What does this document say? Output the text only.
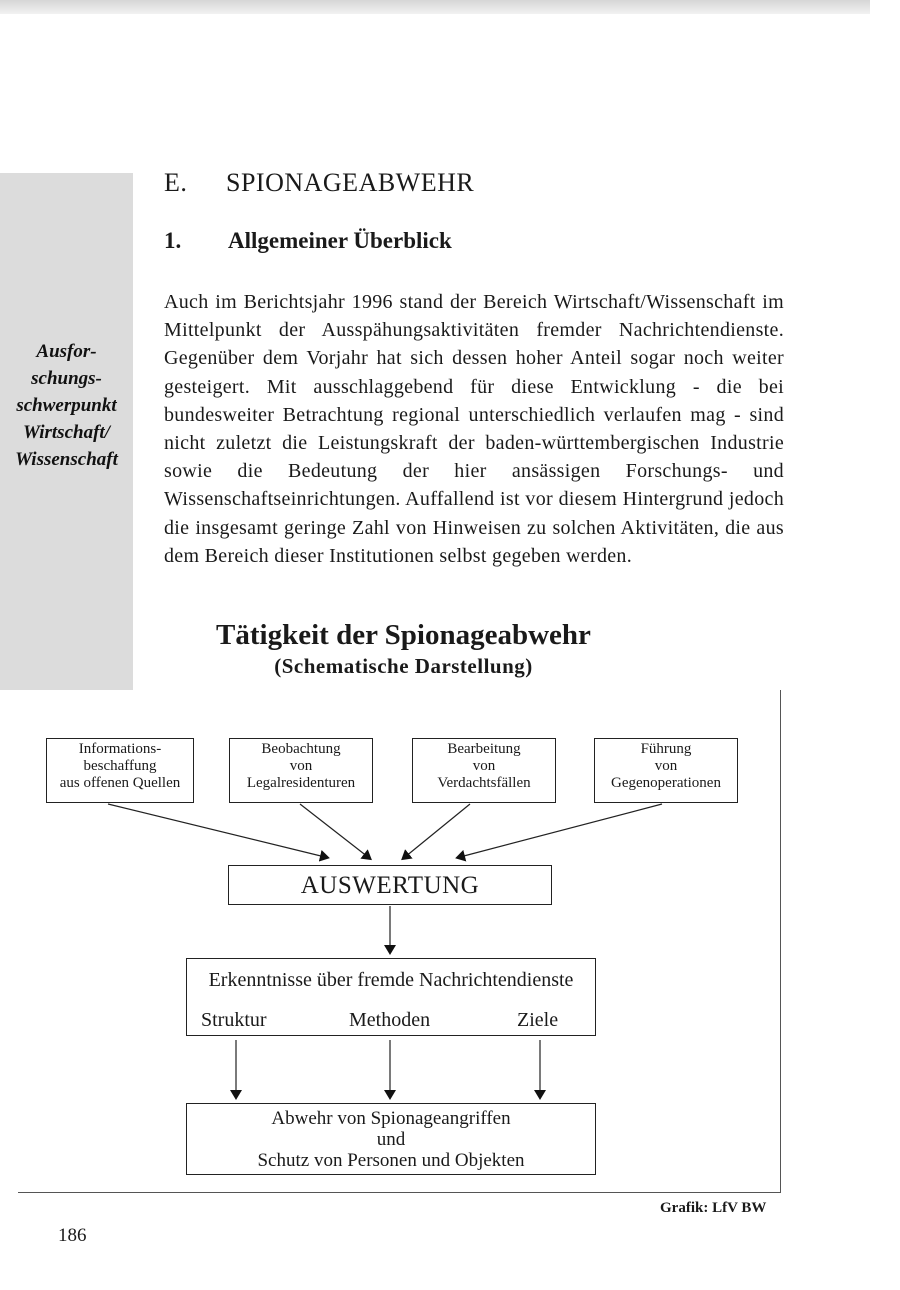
Ausfor-
schungs-
schwerpunkt
Wirtschaft/
Wissenschaft
E. SPIONAGEABWEHR
1. Allgemeiner Überblick
Auch im Berichtsjahr 1996 stand der Bereich Wirtschaft/Wissenschaft im Mittelpunkt der Ausspähungsaktivitäten fremder Nachrichtendienste. Gegenüber dem Vorjahr hat sich dessen hoher Anteil sogar noch weiter gesteigert. Mit ausschlaggebend für diese Entwicklung - die bei bundesweiter Betrachtung regional unterschiedlich verlaufen mag - sind nicht zuletzt die Leistungskraft der baden-württembergischen Industrie sowie die Bedeutung der hier ansässigen Forschungs- und Wissenschaftseinrichtungen. Auffallend ist vor diesem Hintergrund jedoch die insgesamt geringe Zahl von Hinweisen zu solchen Aktivitäten, die aus dem Bereich dieser Institutionen selbst gegeben werden.
Tätigkeit der Spionageabwehr
(Schematische Darstellung)
Informations-
beschaffung
aus offenen Quellen
Beobachtung
von
Legalresidenturen
Bearbeitung
von
Verdachtsfällen
Führung
von
Gegenoperationen
AUSWERTUNG
Erkenntnisse über fremde Nachrichtendienste
Struktur	Methoden	Ziele
Abwehr von Spionageangriffen
und
Schutz von Personen und Objekten
Grafik: LfV BW
186
